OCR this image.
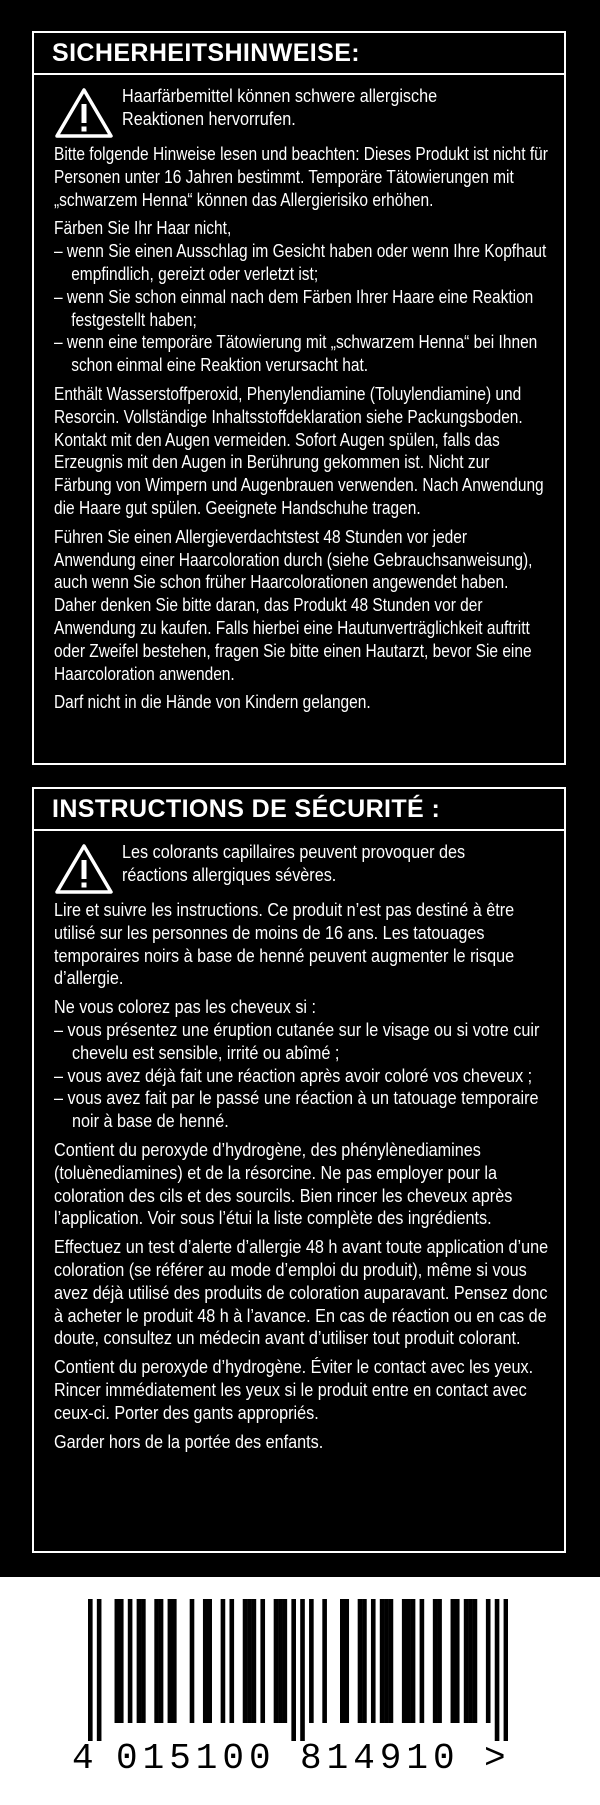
SICHERHEITSHINWEISE:
Haarfärbemittel können schwere allergische Reaktionen hervorrufen.

Bitte folgende Hinweise lesen und beachten: Dieses Produkt ist nicht für Personen unter 16 Jahren bestimmt. Temporäre Tätowierungen mit „schwarzem Henna“ können das Allergierisiko erhöhen.

Färben Sie Ihr Haar nicht,

– wenn Sie einen Ausschlag im Gesicht haben oder wenn Ihre Kopfhaut empfindlich, gereizt oder verletzt ist;
– wenn Sie schon einmal nach dem Färben Ihrer Haare eine Reaktion festgestellt haben;
– wenn eine temporäre Tätowierung mit „schwarzem Henna“ bei Ihnen schon einmal eine Reaktion verursacht hat.

Enthält Wasserstoffperoxid, Phenylendiamine (Toluylendiamine) und Resorcin. Vollständige Inhaltsstoffdeklaration siehe Packungsboden. Kontakt mit den Augen vermeiden. Sofort Augen spülen, falls das Erzeugnis mit den Augen in Berührung gekommen ist. Nicht zur Färbung von Wimpern und Augenbrauen verwenden. Nach Anwendung die Haare gut spülen. Geeignete Handschuhe tragen.

Führen Sie einen Allergieverdachtstest 48 Stunden vor jeder Anwendung einer Haarcoloration durch (siehe Gebrauchsanweisung), auch wenn Sie schon früher Haarcolorationen angewendet haben. Daher denken Sie bitte daran, das Produkt 48 Stunden vor der Anwendung zu kaufen. Falls hierbei eine Hautunverträglichkeit auftritt oder Zweifel bestehen, fragen Sie bitte einen Hautarzt, bevor Sie eine Haarcoloration anwenden.

Darf nicht in die Hände von Kindern gelangen.

INSTRUCTIONS DE SÉCURITÉ :
Les colorants capillaires peuvent provoquer des réactions allergiques sévères.

Lire et suivre les instructions. Ce produit n’est pas destiné à être utilisé sur les personnes de moins de 16 ans. Les tatouages temporaires noirs à base de henné peuvent augmenter le risque d’allergie.

Ne vous colorez pas les cheveux si :

– vous présentez une éruption cutanée sur le visage ou si votre cuir chevelu est sensible, irrité ou abîmé ;
– vous avez déjà fait une réaction après avoir coloré vos cheveux ;
– vous avez fait par le passé une réaction à un tatouage temporaire noir à base de henné.

Contient du peroxyde d’hydrogène, des phénylènediamines (toluènediamines) et de la résorcine. Ne pas employer pour la coloration des cils et des sourcils. Bien rincer les cheveux après l’application. Voir sous l’étui la liste complète des ingrédients.

Effectuez un test d’alerte d’allergie 48 h avant toute application d’une coloration (se référer au mode d’emploi du produit), même si vous avez déjà utilisé des produits de coloration auparavant. Pensez donc à acheter le produit 48 h à l’avance. En cas de réaction ou en cas de doute, consultez un médecin avant d’utiliser tout produit colorant.

Contient du peroxyde d’hydrogène. Éviter le contact avec les yeux. Rincer immédiatement les yeux si le produit entre en contact avec ceux-ci. Porter des gants appropriés.

Garder hors de la portée des enfants.

4 015100 814910 >
